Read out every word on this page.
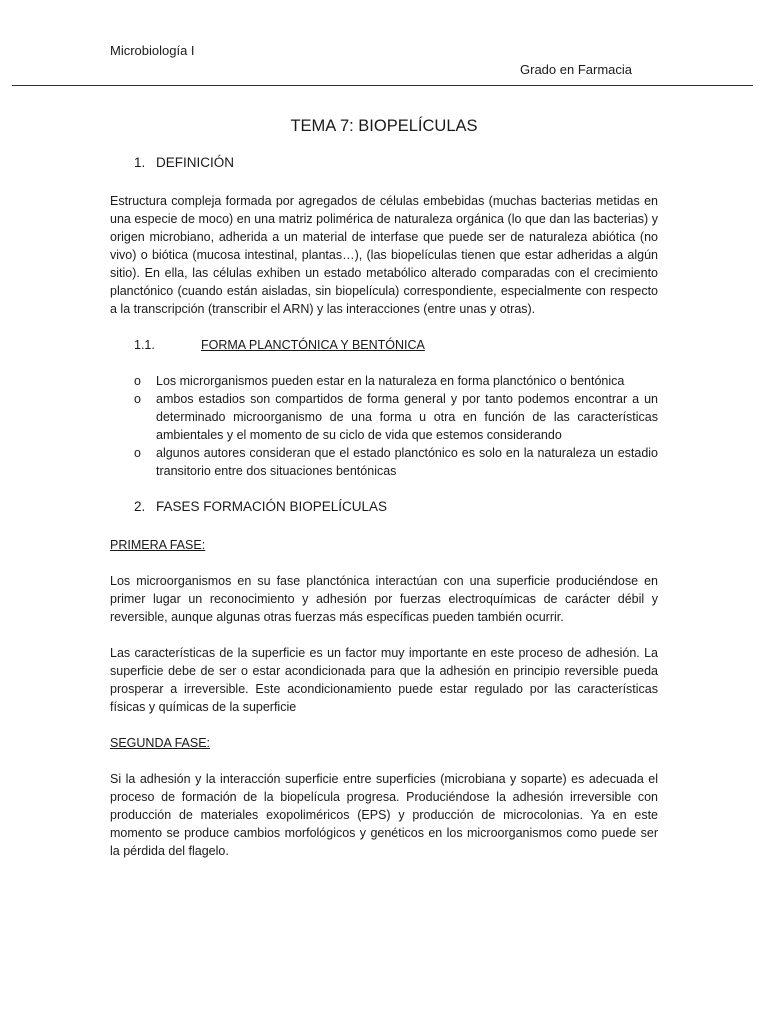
Microbiología I
Grado en Farmacia
TEMA 7: BIOPELÍCULAS
1. DEFINICIÓN

Estructura compleja formada por agregados de células embebidas (muchas bacterias metidas en una especie de moco) en una matriz polimérica de naturaleza orgánica (lo que dan las bacterias) y origen microbiano, adherida a un material de interfase que puede ser de naturaleza abiótica (no vivo) o biótica (mucosa intestinal, plantas…), (las biopelículas tienen que estar adheridas a algún sitio). En ella, las células exhiben un estado metabólico alterado comparadas con el crecimiento planctónico (cuando están aisladas, sin biopelícula) correspondiente, especialmente con respecto a la transcripción (transcribir el ARN) y las interacciones (entre unas y otras).

1.1.	FORMA PLANCTÓNICA Y BENTÓNICA
o Los microrganismos pueden estar en la naturaleza en forma planctónico o bentónica
o ambos estadios son compartidos de forma general y por tanto podemos encontrar a un determinado microorganismo de una forma u otra en función de las características ambientales y el momento de su ciclo de vida que estemos considerando
o algunos autores consideran que el estado planctónico es solo en la naturaleza un estadio transitorio entre dos situaciones bentónicas
2. FASES FORMACIÓN BIOPELÍCULAS
PRIMERA FASE:

Los microorganismos en su fase planctónica interactúan con una superficie produciéndose en primer lugar un reconocimiento y adhesión por fuerzas electroquímicas de carácter débil y reversible, aunque algunas otras fuerzas más específicas pueden también ocurrir.

Las características de la superficie es un factor muy importante en este proceso de adhesión. La superficie debe de ser o estar acondicionada para que la adhesión en principio reversible pueda prosperar a irreversible. Este acondicionamiento puede estar regulado por las características físicas y químicas de la superficie

SEGUNDA FASE:

Si la adhesión y la interacción superficie entre superficies (microbiana y soparte) es adecuada el proceso de formación de la biopelícula progresa. Produciéndose la adhesión irreversible con producción de materiales exopoliméricos (EPS) y producción de microcolonias. Ya en este momento se produce cambios morfológicos y genéticos en los microorganismos como puede ser la pérdida del flagelo.
